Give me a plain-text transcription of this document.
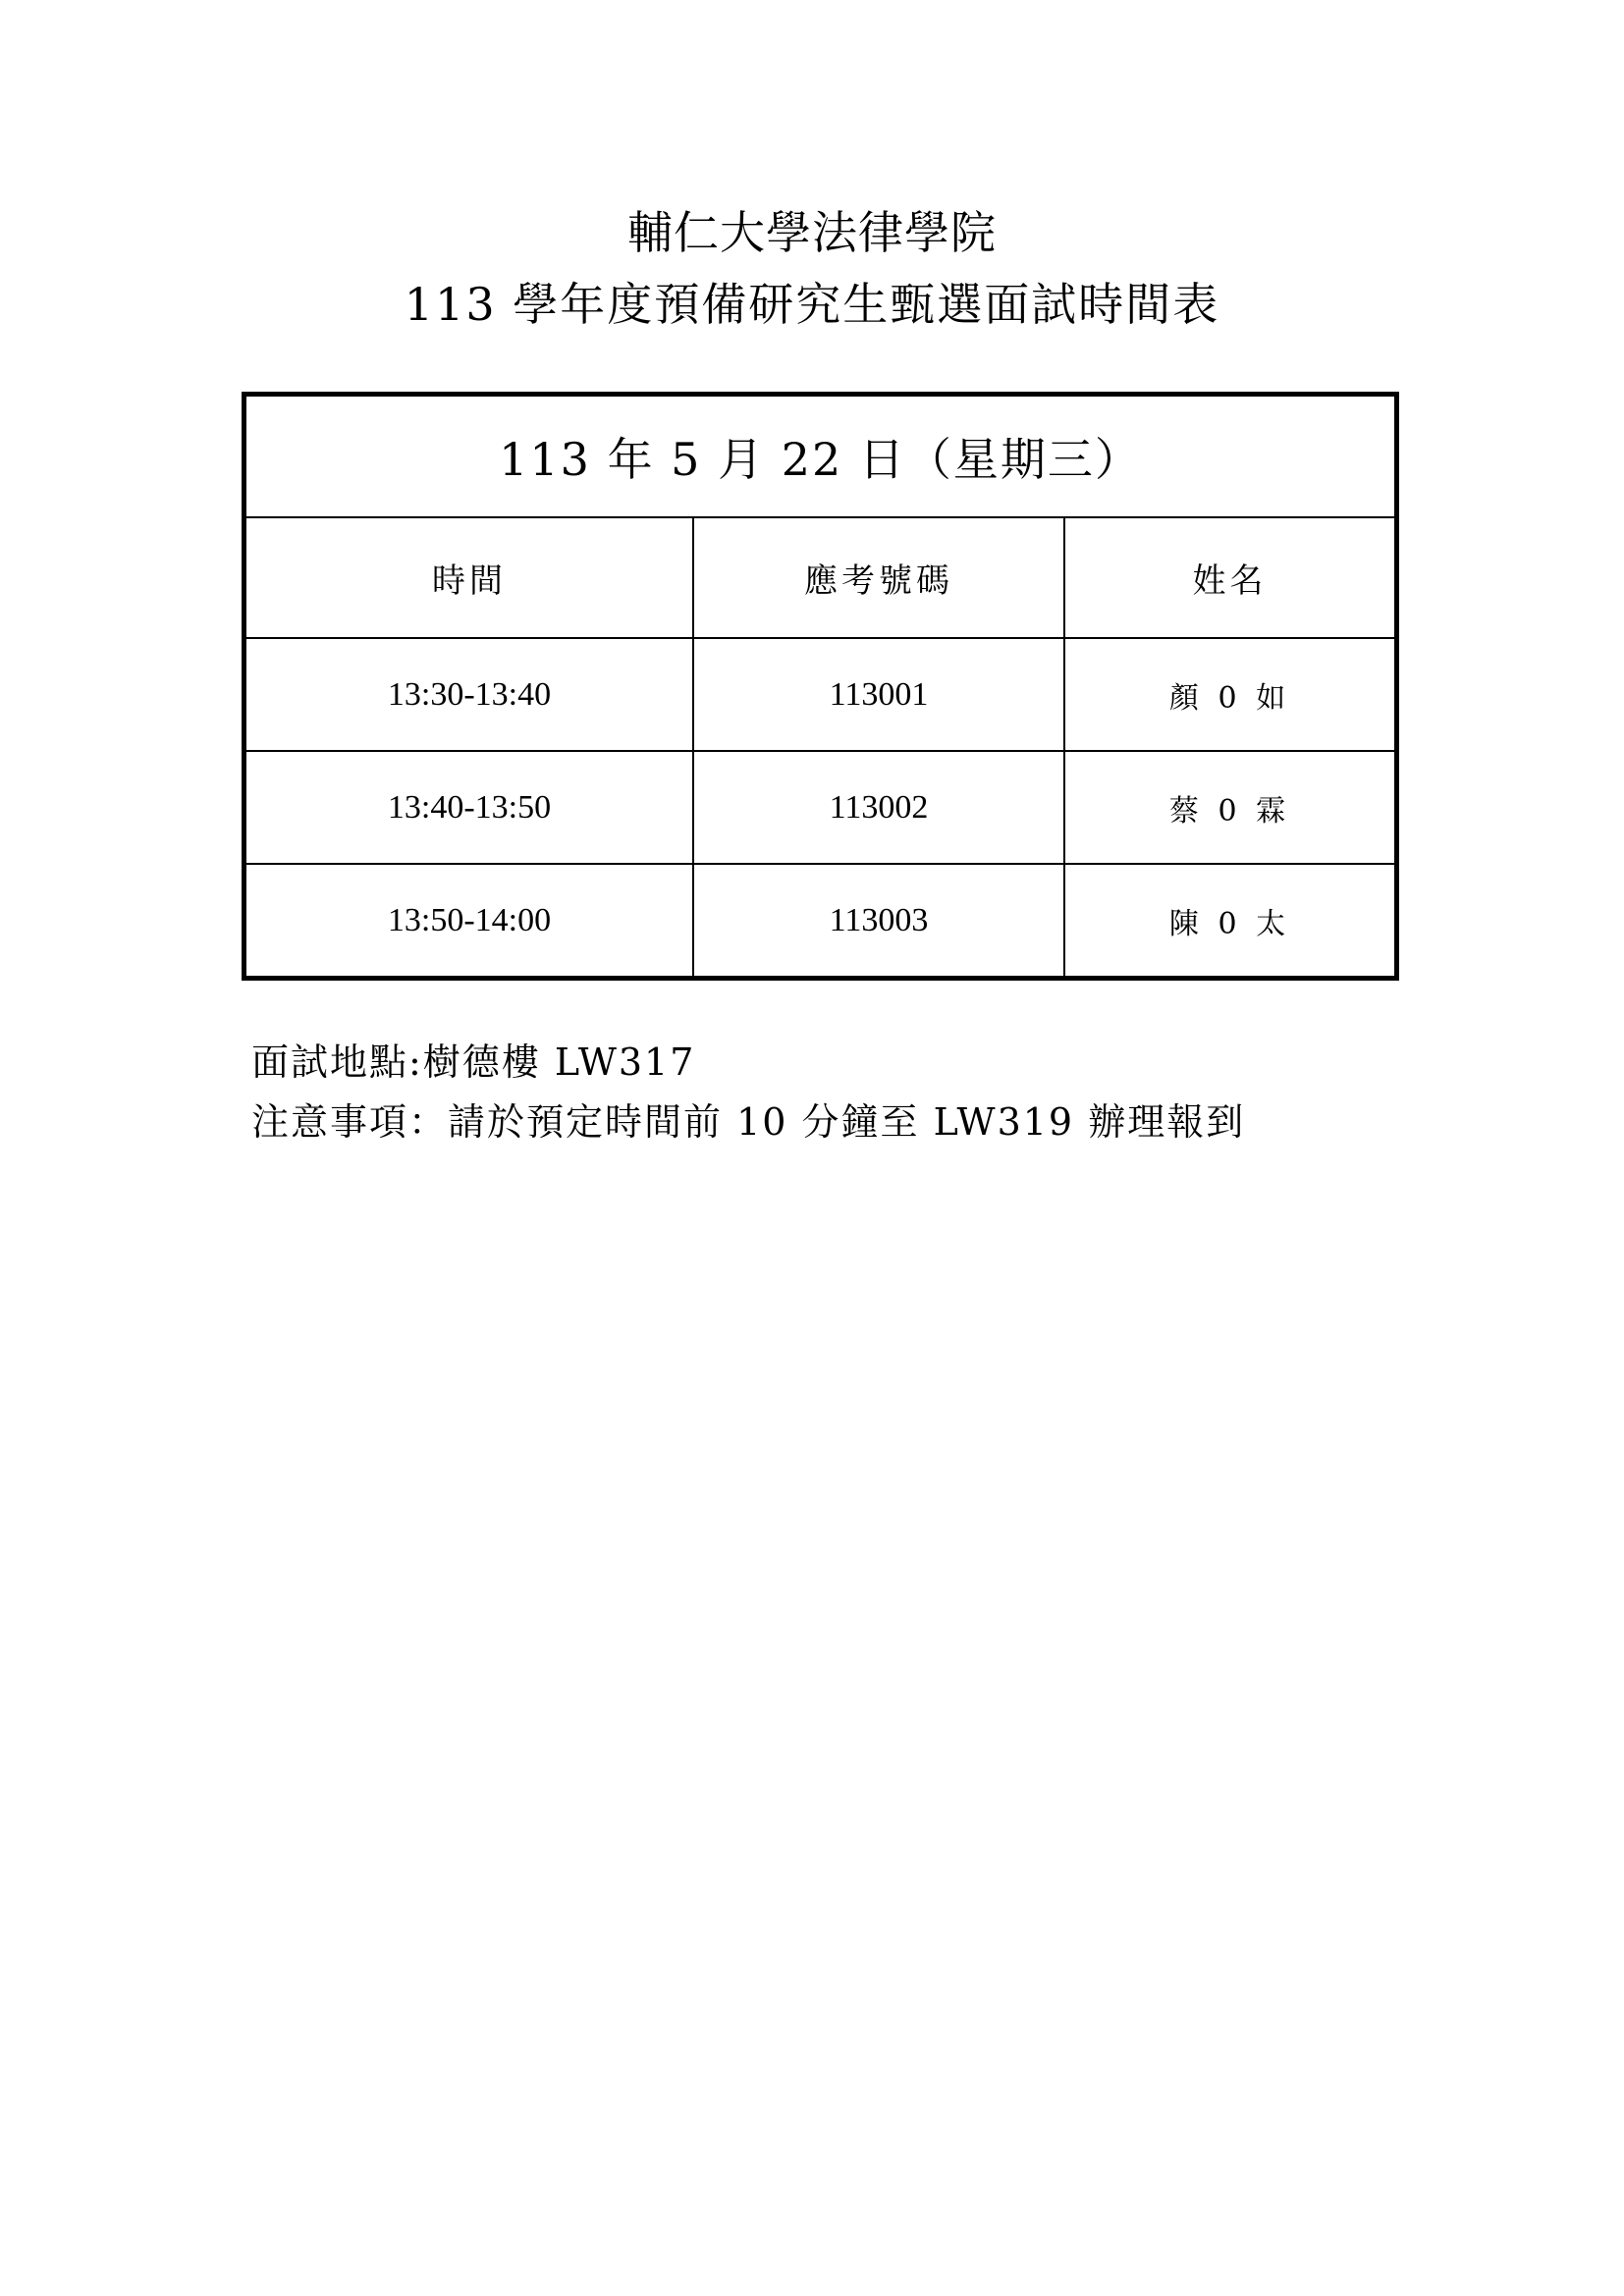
輔仁大學法律學院
113 學年度預備研究生甄選面試時間表
113 年 5 月 22 日（星期三）
時間	應考號碼	姓名
13:30-13:40	113001	顏 0 如
13:40-13:50	113002	蔡 0 霖
13:50-14:00	113003	陳 0 太
面試地點:樹德樓 LW317
注意事項：請於預定時間前 10 分鐘至 LW319 辦理報到
